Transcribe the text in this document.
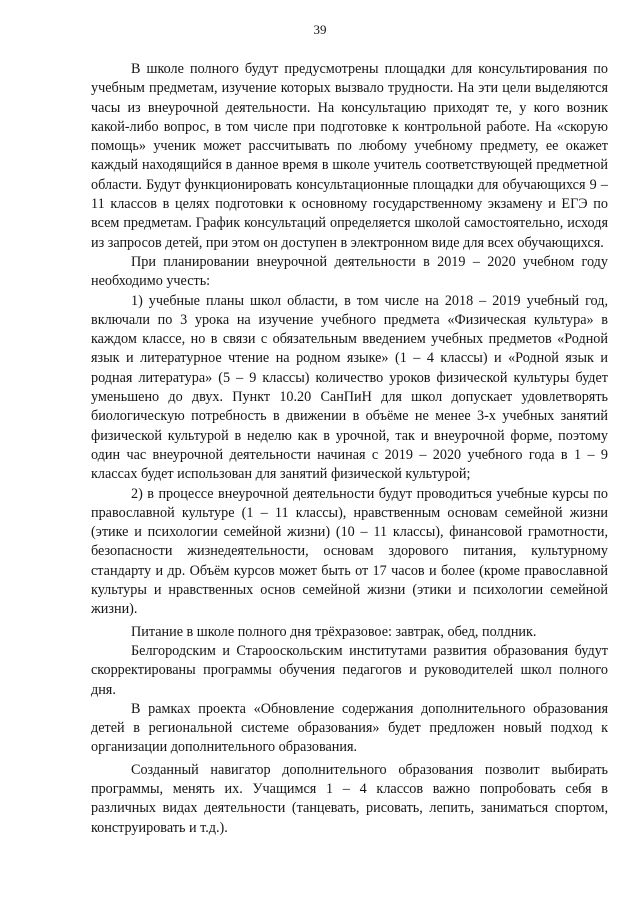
39

В школе полного будут предусмотрены площадки для консультирования по учебным предметам, изучение которых вызвало трудности. На эти цели выделяются часы из внеурочной деятельности. На консультацию приходят те, у кого возник какой-либо вопрос, в том числе при подготовке к контрольной работе. На «скорую помощь» ученик может рассчитывать по любому учебному предмету, ее окажет каждый находящийся в данное время в школе учитель соответствующей предметной области. Будут функционировать консультационные площадки для обучающихся 9 – 11 классов в целях подготовки к основному государственному экзамену и ЕГЭ по всем предметам. График консультаций определяется школой самостоятельно, исходя из запросов детей, при этом он доступен в электронном виде для всех обучающихся.

При планировании внеурочной деятельности в 2019 – 2020 учебном году необходимо учесть:

1) учебные планы школ области, в том числе на 2018 – 2019 учебный год, включали по 3 урока на изучение учебного предмета «Физическая культура» в каждом классе, но в связи с обязательным введением учебных предметов «Родной язык и литературное чтение на родном языке» (1 – 4 классы) и «Родной язык и родная литература» (5 – 9 классы) количество уроков физической культуры будет уменьшено до двух. Пункт 10.20 СанПиН для школ допускает удовлетворять биологическую потребность в движении в объёме не менее 3-х учебных занятий физической культурой в неделю как в урочной, так и внеурочной форме, поэтому один час внеурочной деятельности начиная с 2019 – 2020 учебного года в 1 – 9 классах будет использован для занятий физической культурой;

2) в процессе внеурочной деятельности будут проводиться учебные курсы по православной культуре (1 – 11 классы), нравственным основам семейной жизни (этике и психологии семейной жизни) (10 – 11 классы), финансовой грамотности, безопасности жизнедеятельности, основам здорового питания, культурному стандарту и др. Объём курсов может быть от 17 часов и более (кроме православной культуры и нравственных основ семейной жизни (этики и психологии семейной жизни).

Питание в школе полного дня трёхразовое: завтрак, обед, полдник.

Белгородским и Старооскольским институтами развития образования будут скорректированы программы обучения педагогов и руководителей школ полного дня.

В рамках проекта «Обновление содержания дополнительного образования детей в региональной системе образования» будет предложен новый подход к организации дополнительного образования.

Созданный навигатор дополнительного образования позволит выбирать программы, менять их. Учащимся 1 – 4 классов важно попробовать себя в различных видах деятельности (танцевать, рисовать, лепить, заниматься спортом, конструировать и т.д.).
